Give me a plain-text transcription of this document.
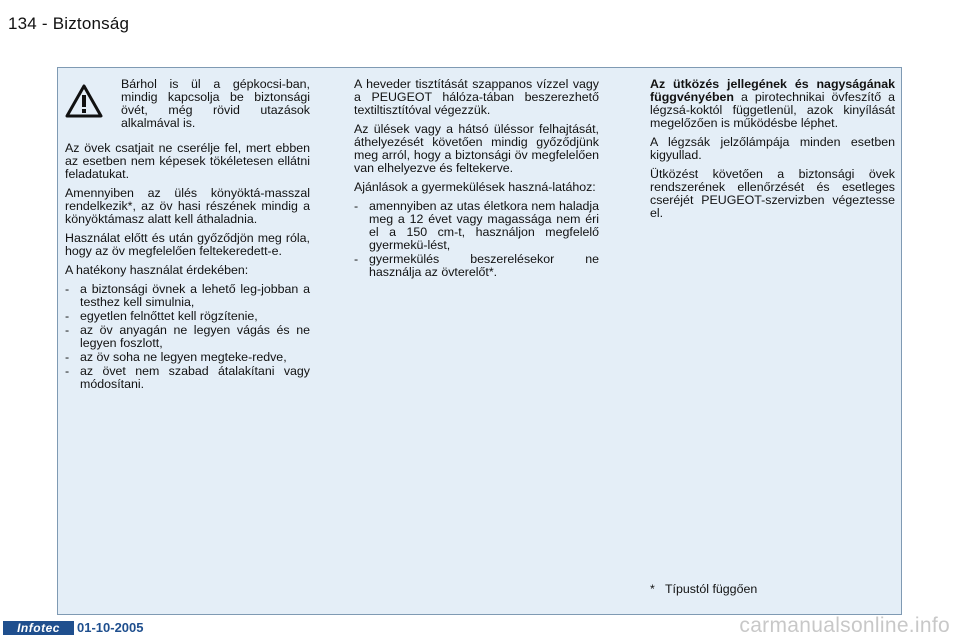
134 - Biztonság

Bárhol is ül a gépkocsi-ban, mindig kapcsolja be biztonsági övét, még rövid utazások alkalmával is.

Az övek csatjait ne cserélje fel, mert ebben az esetben nem képesek tökéletesen ellátni feladatukat.

Amennyiben az ülés könyöktá-masszal rendelkezik*, az öv hasi részének mindig a könyöktámasz alatt kell áthaladnia.

Használat előtt és után győződjön meg róla, hogy az öv megfelelően feltekeredett-e.

A hatékony használat érdekében:

- a biztonsági övnek a lehető leg-jobban a testhez kell simulnia,
- egyetlen felnőttet kell rögzítenie,
- az öv anyagán ne legyen vágás és ne legyen foszlott,
- az öv soha ne legyen megteke-redve,
- az övet nem szabad átalakítani vagy módosítani.

A heveder tisztítását szappanos vízzel vagy a PEUGEOT hálóza-tában beszerezhető textiltisztítóval végezzük.

Az ülések vagy a hátsó üléssor felhajtását, áthelyezését követően mindig győződjünk meg arról, hogy a biztonsági öv megfelelően van elhelyezve és feltekerve.

Ajánlások a gyermekülések haszná-latához:

- amennyiben az utas életkora nem haladja meg a 12 évet vagy magassága nem éri el a 150 cm-t, használjon megfelelő gyermekü-lést,
- gyermekülés beszerelésekor ne használja az övterelőt*.

Az ütközés jellegének és nagyságának függvényében a pirotechnikai övfeszítő a légzsá-koktól függetlenül, azok kinyílását megelőzően is működésbe léphet.

A légzsák jelzőlámpája minden esetben kigyullad.

Ütközést követően a biztonsági övek rendszerének ellenőrzését és esetleges cseréjét PEUGEOT-szervizben végeztesse el.

* Típustól függően
Infotec	01-10-2005	carmanualsonline.info
